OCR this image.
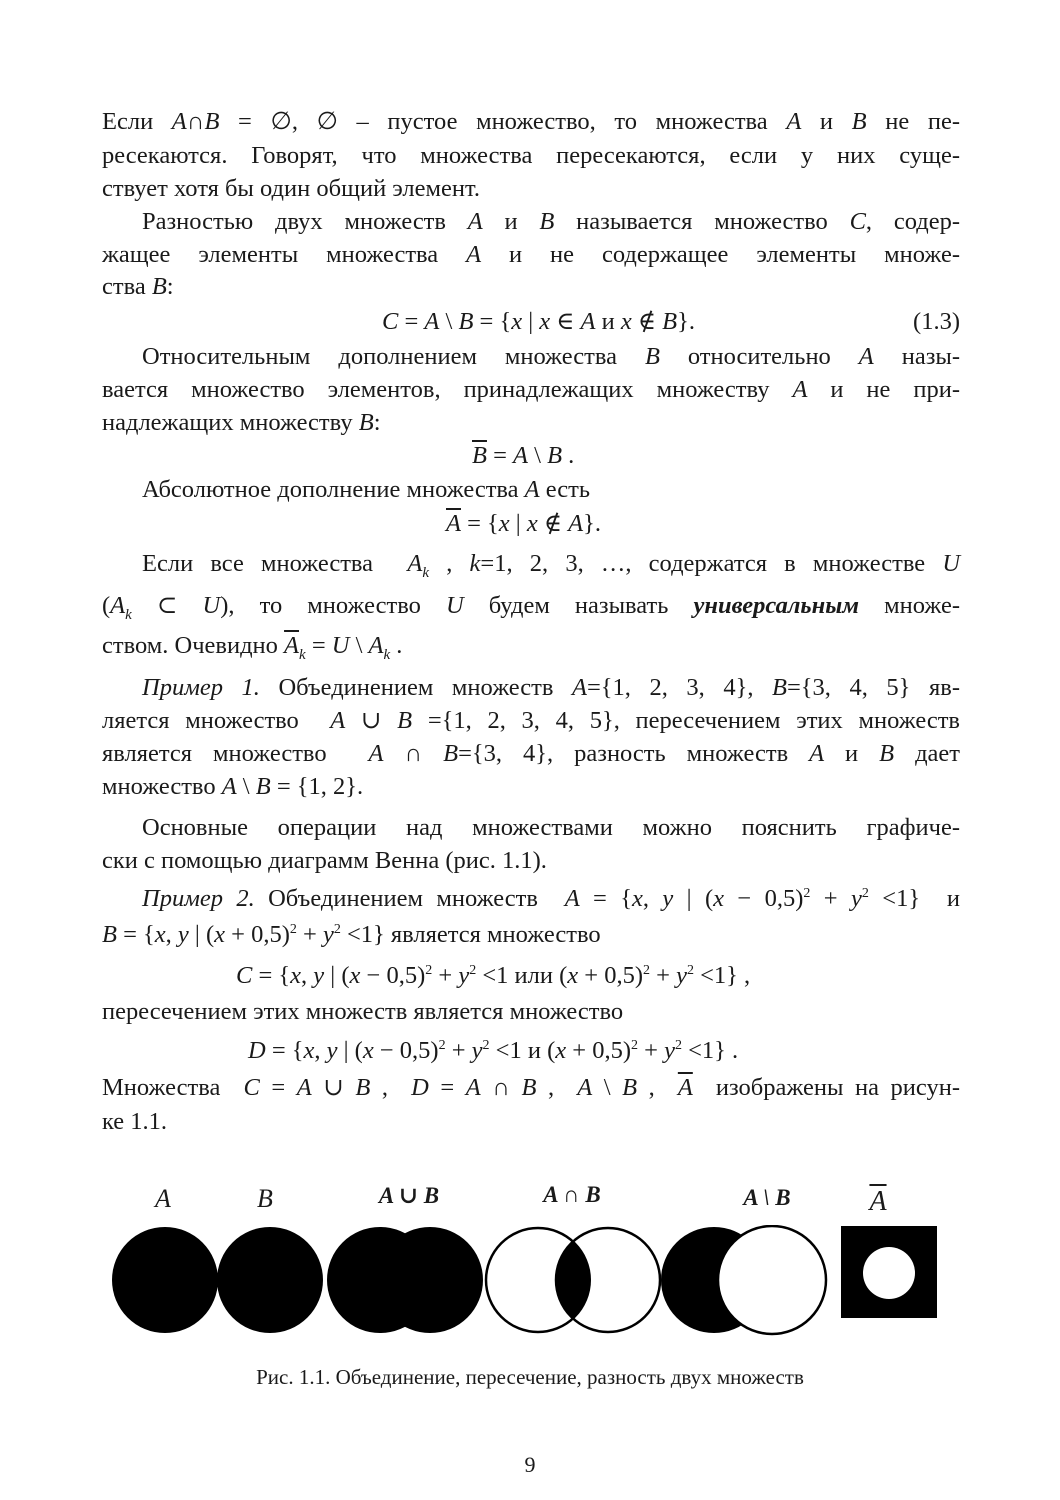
Если A∩B = ∅, ∅ – пустое множество, то множества A и B не пе-
ресекаются. Говорят, что множества пересекаются, если у них суще-
ствует хотя бы один общий элемент.
Разностью двух множеств A и B называется множество C, содер-
жащее элементы множества A и не содержащее элементы множе-
ства B:
C = A \ B = {x | x ∈ A и x ∉ B}.	(1.3)
Относительным дополнением множества B относительно A назы-
вается множество элементов, принадлежащих множеству A и не при-
надлежащих множеству B:
$\overline{B} = A$ \ B .
Абсолютное дополнение множества A есть
$\overline{A} = \{x$ | x ∉ A}.
Если все множества  $A_k$ , k=1, 2, 3, …, содержатся в множестве U
($A_k$ ⊂ U), то множество U будем называть универсальным множе-
ством. Очевидно $\overline{A}_k = U$ \ $A_k$ .
Пример 1. Объединением множеств A={1, 2, 3, 4}, B={3, 4, 5} яв-
ляется множество  A ∪ B ={1, 2, 3, 4, 5}, пересечением этих множеств
является множество  A ∩ B={3, 4}, разность множеств A и B дает
множество A \ B = {1, 2}.
Основные операции над множествами можно пояснить графиче-
ски с помощью диаграмм Венна (рис. 1.1).
Пример 2. Объединением множеств  A = {x, y | $(x - 0,5)^2 + y^2 <1$}  и
B = {x, y | $(x + 0,5)^2 + y^2 <1$} является множество
C = {x, y | $(x - 0,5)^2 + y^2 <1$ или $(x + 0,5)^2 + y^2 <1$} ,
пересечением этих множеств является множество
D = {x, y | $(x - 0,5)^2 + y^2 <1$ и $(x + 0,5)^2 + y^2 <1$} .
Множества  C = A ∪ B ,  D = A ∩ B ,  A \ B ,  $\overline{A}$  изображены на рисун-
ке 1.1.
A	B	A ∪ B	A ∩ B	A \ B	$\overline{A}$
Рис. 1.1. Объединение, пересечение, разность двух множеств
9
